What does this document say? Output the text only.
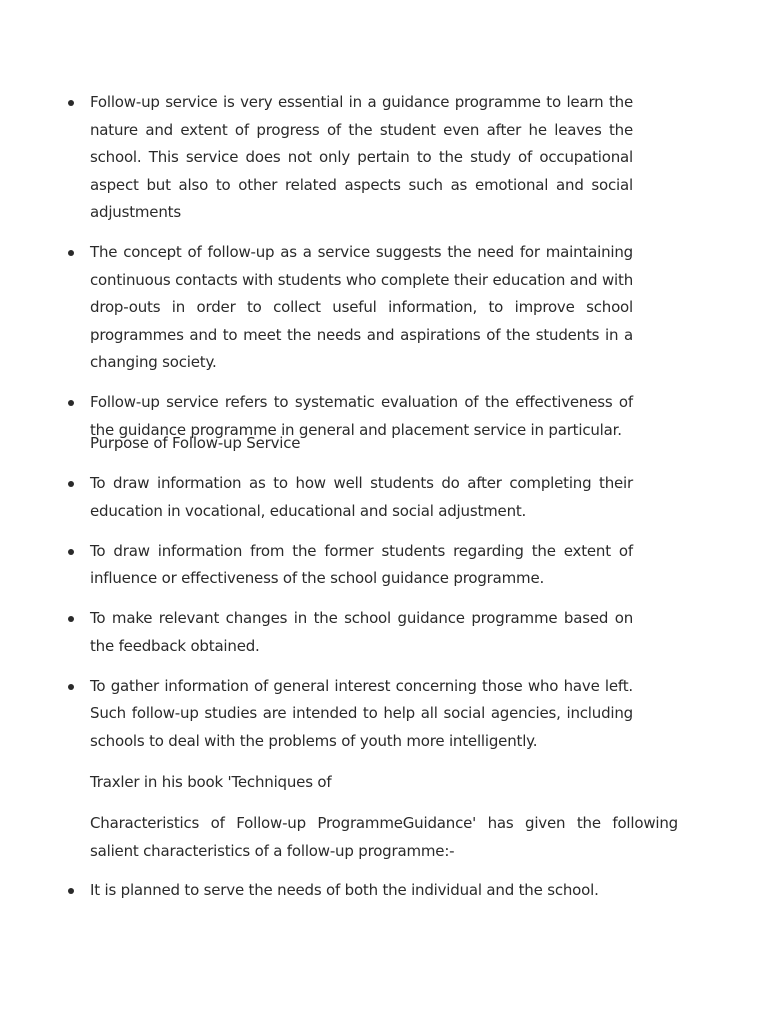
Follow-up service is very essential in a guidance programme to learn the nature and extent of progress of the student even after he leaves the school. This service does not only pertain to the study of occupational aspect but also to other related aspects such as emotional and social adjustments
The concept of follow-up as a service suggests the need for maintaining continuous contacts with students who complete their education and with drop-outs in order to collect useful information, to improve school programmes and to meet the needs and aspirations of the students in a changing society.
Follow-up service refers to systematic evaluation of the effectiveness of the guidance programme in general and placement service in particular.
Purpose of Follow-up Service
To draw information as to how well students do after completing their education in vocational, educational and social adjustment.
To draw information from the former students regarding the extent of influence or effectiveness of the school guidance programme.
To make relevant changes in the school guidance programme based on the feedback obtained.
To gather information of general interest concerning those who have left. Such follow-up studies are intended to help all social agencies, including schools to deal with the problems of youth more intelligently.
Traxler in his book 'Techniques of
Characteristics of Follow-up ProgrammeGuidance' has given the following salient characteristics of a follow-up programme:-
It is planned to serve the needs of both the individual and the school.
